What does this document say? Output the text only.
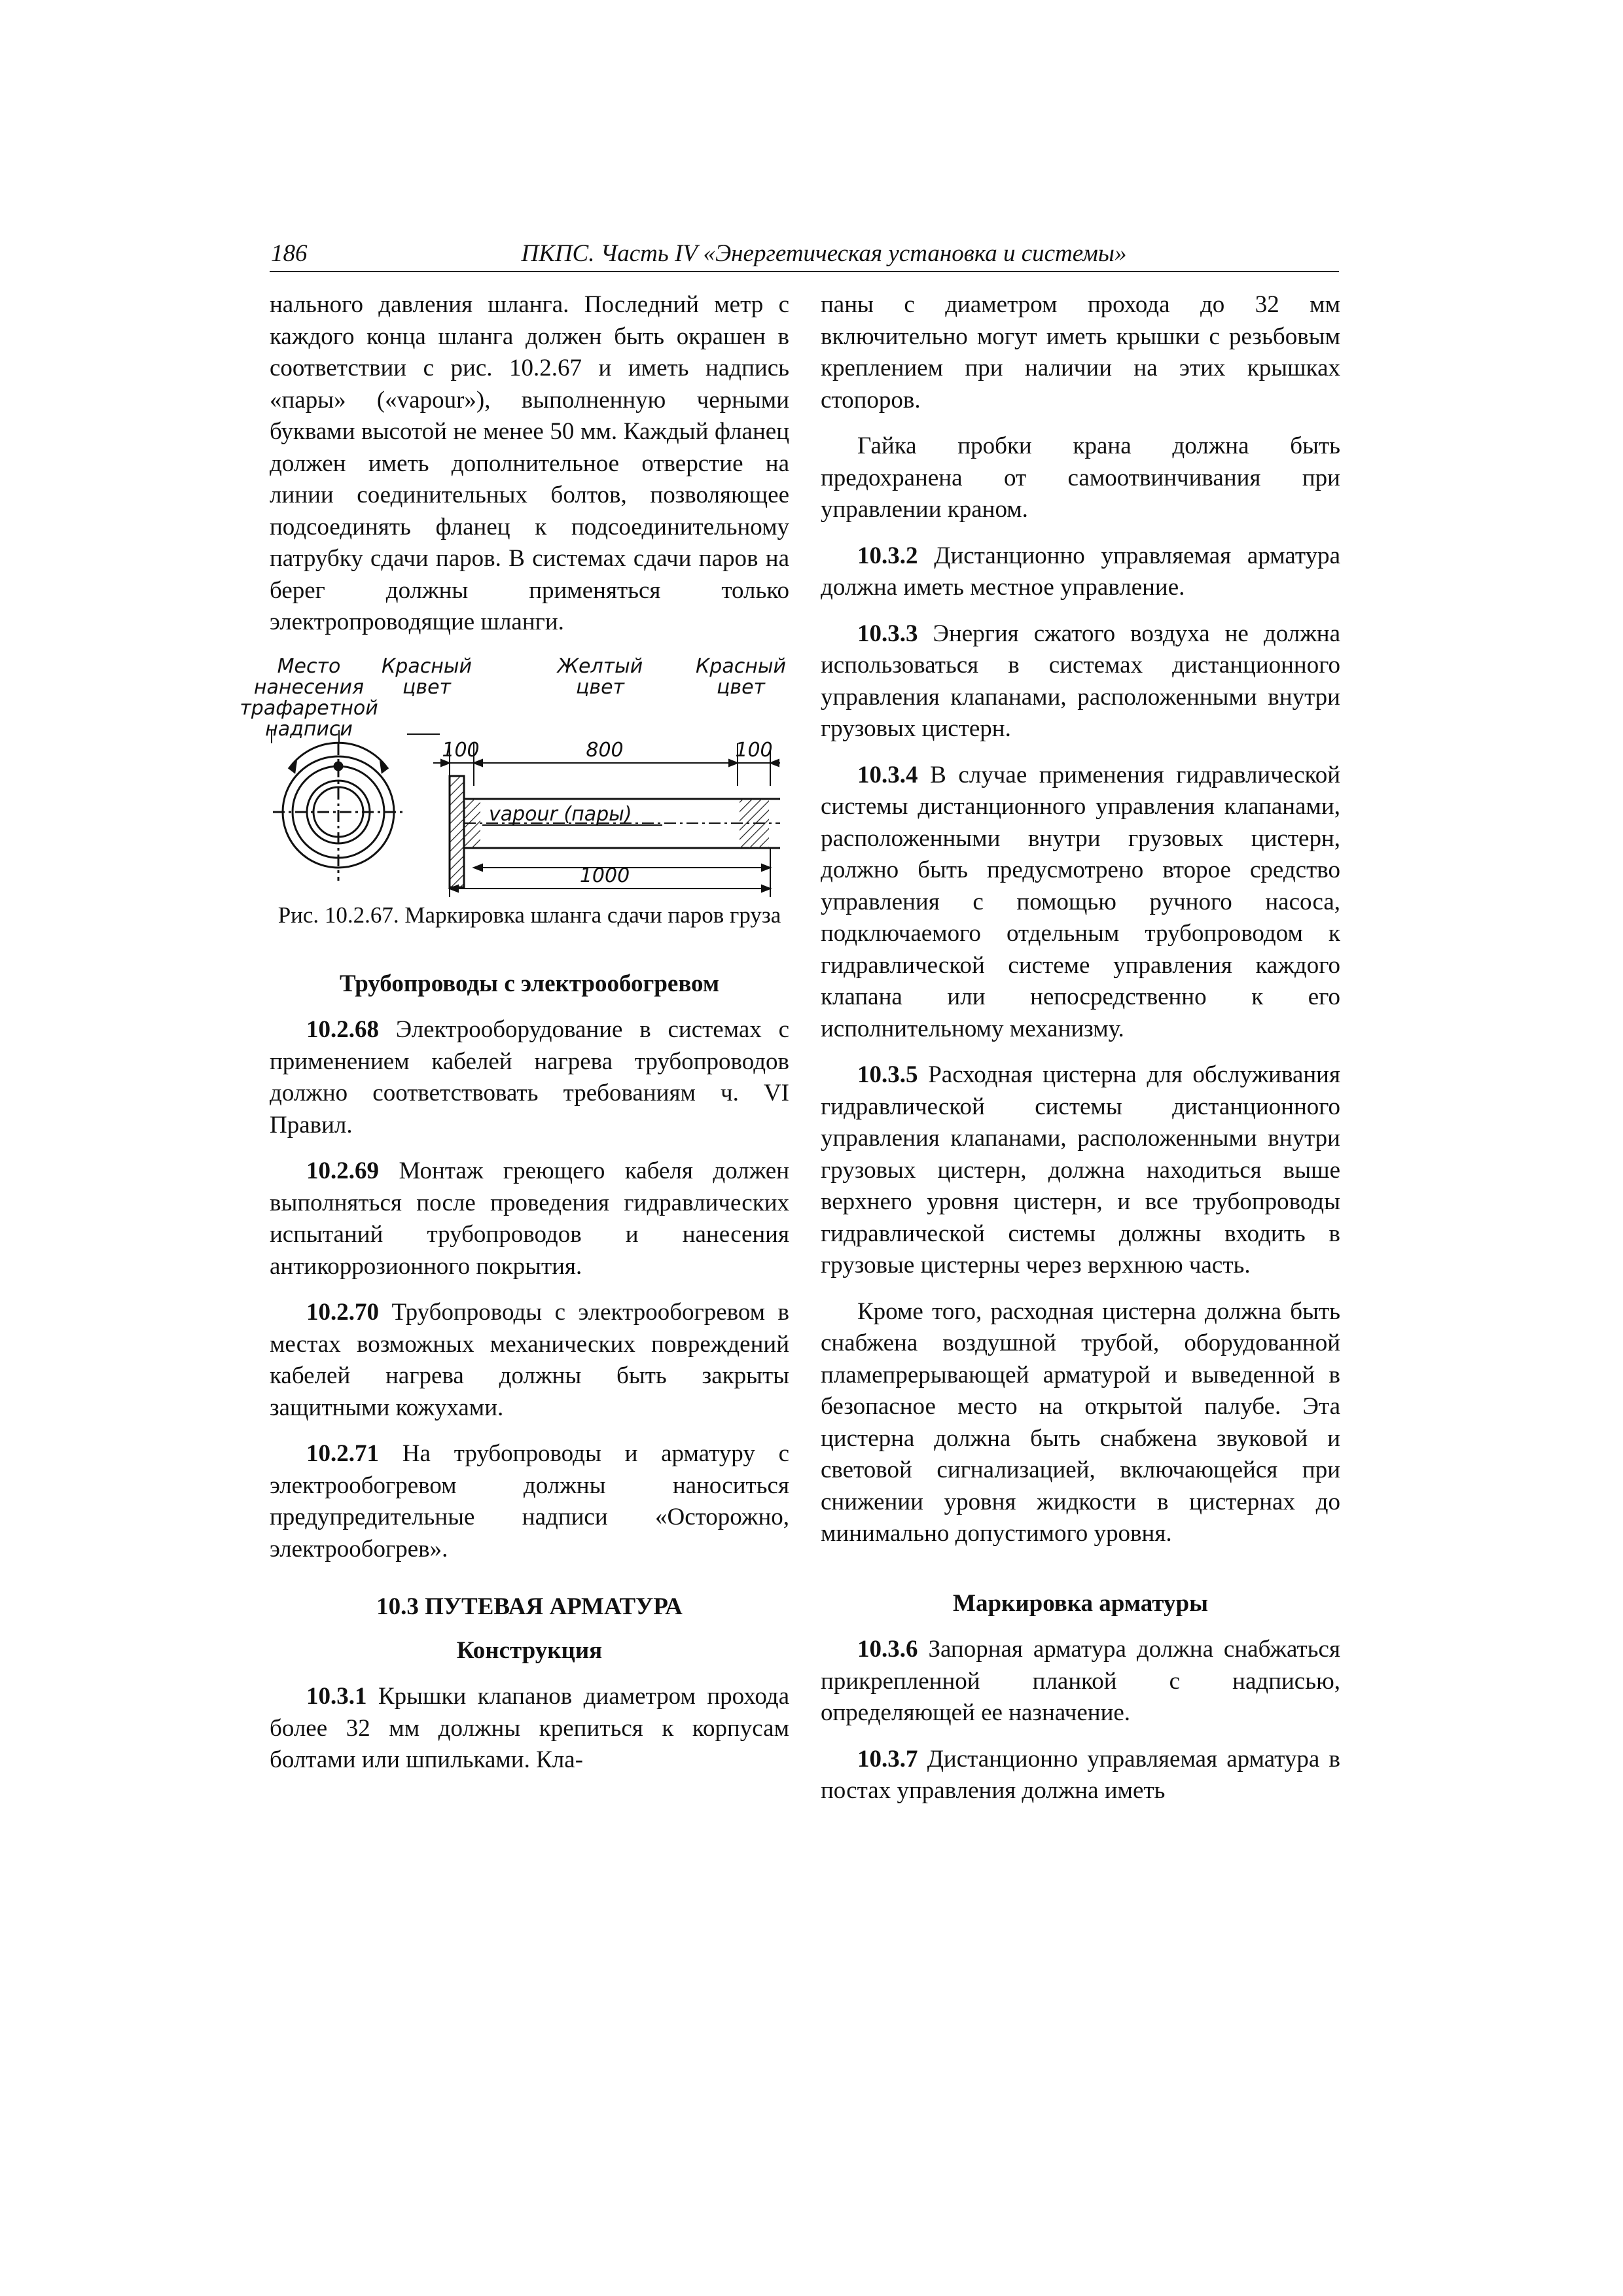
186	ПКПС. Часть IV «Энергетическая установка и системы»

нального давления шланга. Последний метр с каждого конца шланга должен быть окрашен в соответствии с рис. 10.2.67 и иметь надпись «пары» («vapour»), выполненную черными буквами высотой не менее 50 мм. Каждый фланец должен иметь дополнительное отверстие на линии соединительных болтов, позволяющее подсоединять фланец к подсоединительному патрубку сдачи паров. В системах сдачи паров на берег должны применяться только электропроводящие шланги.

Место
нанесения
трафаретной
надписи
Красный
цвет
Желтый
цвет
Красный
цвет
100	800	100
vapour (пары)
1000

Рис. 10.2.67. Маркировка шланга сдачи паров груза

Трубопроводы с электрообогревом

10.2.68 Электрооборудование в системах с применением кабелей нагрева трубопроводов должно соответствовать требованиям ч. VI Правил.

10.2.69 Монтаж греющего кабеля должен выполняться после проведения гидравлических испытаний трубопроводов и нанесения антикоррозионного покрытия.

10.2.70 Трубопроводы с электрообогревом в местах возможных механических повреждений кабелей нагрева должны быть закрыты защитными кожухами.

10.2.71 На трубопроводы и арматуру с электрообогревом должны наноситься предупредительные надписи «Осторожно, электрообогрев».

10.3 ПУТЕВАЯ АРМАТУРА

Конструкция

10.3.1 Крышки клапанов диаметром прохода более 32 мм должны крепиться к корпусам болтами или шпильками. Кла-

паны с диаметром прохода до 32 мм включительно могут иметь крышки с резьбовым креплением при наличии на этих крышках стопоров.

Гайка пробки крана должна быть предохранена от самоотвинчивания при управлении краном.

10.3.2 Дистанционно управляемая арматура должна иметь местное управление.

10.3.3 Энергия сжатого воздуха не должна использоваться в системах дистанционного управления клапанами, расположенными внутри грузовых цистерн.

10.3.4 В случае применения гидравлической системы дистанционного управления клапанами, расположенными внутри грузовых цистерн, должно быть предусмотрено второе средство управления с помощью ручного насоса, подключаемого отдельным трубопроводом к гидравлической системе управления каждого клапана или непосредственно к его исполнительному механизму.

10.3.5 Расходная цистерна для обслуживания гидравлической системы дистанционного управления клапанами, расположенными внутри грузовых цистерн, должна находиться выше верхнего уровня цистерн, и все трубопроводы гидравлической системы должны входить в грузовые цистерны через верхнюю часть.

Кроме того, расходная цистерна должна быть снабжена воздушной трубой, оборудованной пламепрерывающей арматурой и выведенной в безопасное место на открытой палубе. Эта цистерна должна быть снабжена звуковой и световой сигнализацией, включающейся при снижении уровня жидкости в цистернах до минимально допустимого уровня.

Маркировка арматуры

10.3.6 Запорная арматура должна снабжаться прикрепленной планкой с надписью, определяющей ее назначение.

10.3.7 Дистанционно управляемая арматура в постах управления должна иметь
